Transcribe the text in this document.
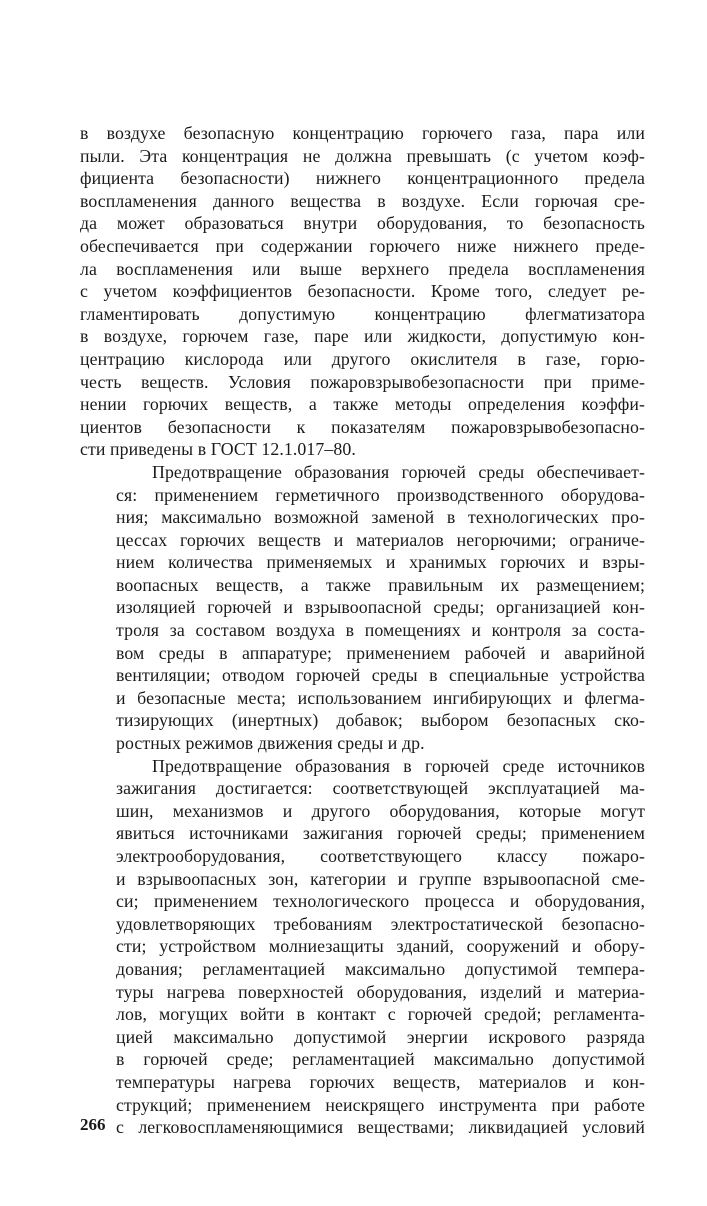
в воздухе безопасную концентрацию горючего газа, пара или
пыли. Эта концентрация не должна превышать (с учетом коэф-
фициента безопасности) нижнего концентрационного предела
воспламенения данного вещества в воздухе. Если горючая сре-
да может образоваться внутри оборудования, то безопасность
обеспечивается при содержании горючего ниже нижнего преде-
ла воспламенения или выше верхнего предела воспламенения
с учетом коэффициентов безопасности. Кроме того, следует ре-
гламентировать допустимую концентрацию флегматизатора
в воздухе, горючем газе, паре или жидкости, допустимую кон-
центрацию кислорода или другого окислителя в газе, горю-
честь веществ. Условия пожаровзрывобезопасности при приме-
нении горючих веществ, а также методы определения коэффи-
циентов безопасности к показателям пожаровзрывобезопасно-
сти приведены в ГОСТ 12.1.017–80.
Предотвращение образования горючей среды обеспечивает-
ся: применением герметичного производственного оборудова-
ния; максимально возможной заменой в технологических про-
цессах горючих веществ и материалов негорючими; ограниче-
нием количества применяемых и хранимых горючих и взры-
воопасных веществ, а также правильным их размещением;
изоляцией горючей и взрывоопасной среды; организацией кон-
троля за составом воздуха в помещениях и контроля за соста-
вом среды в аппаратуре; применением рабочей и аварийной
вентиляции; отводом горючей среды в специальные устройства
и безопасные места; использованием ингибирующих и флегма-
тизирующих (инертных) добавок; выбором безопасных ско-
ростных режимов движения среды и др.
Предотвращение образования в горючей среде источников
зажигания достигается: соответствующей эксплуатацией ма-
шин, механизмов и другого оборудования, которые могут
явиться источниками зажигания горючей среды; применением
электрооборудования, соответствующего классу пожаро-
и взрывоопасных зон, категории и группе взрывоопасной сме-
си; применением технологического процесса и оборудования,
удовлетворяющих требованиям электростатической безопасно-
сти; устройством молниезащиты зданий, сооружений и обору-
дования; регламентацией максимально допустимой темпера-
туры нагрева поверхностей оборудования, изделий и материа-
лов, могущих войти в контакт с горючей средой; регламента-
цией максимально допустимой энергии искрового разряда
в горючей среде; регламентацией максимально допустимой
температуры нагрева горючих веществ, материалов и кон-
струкций; применением неискрящего инструмента при работе
с легковоспламеняющимися веществами; ликвидацией условий
266
